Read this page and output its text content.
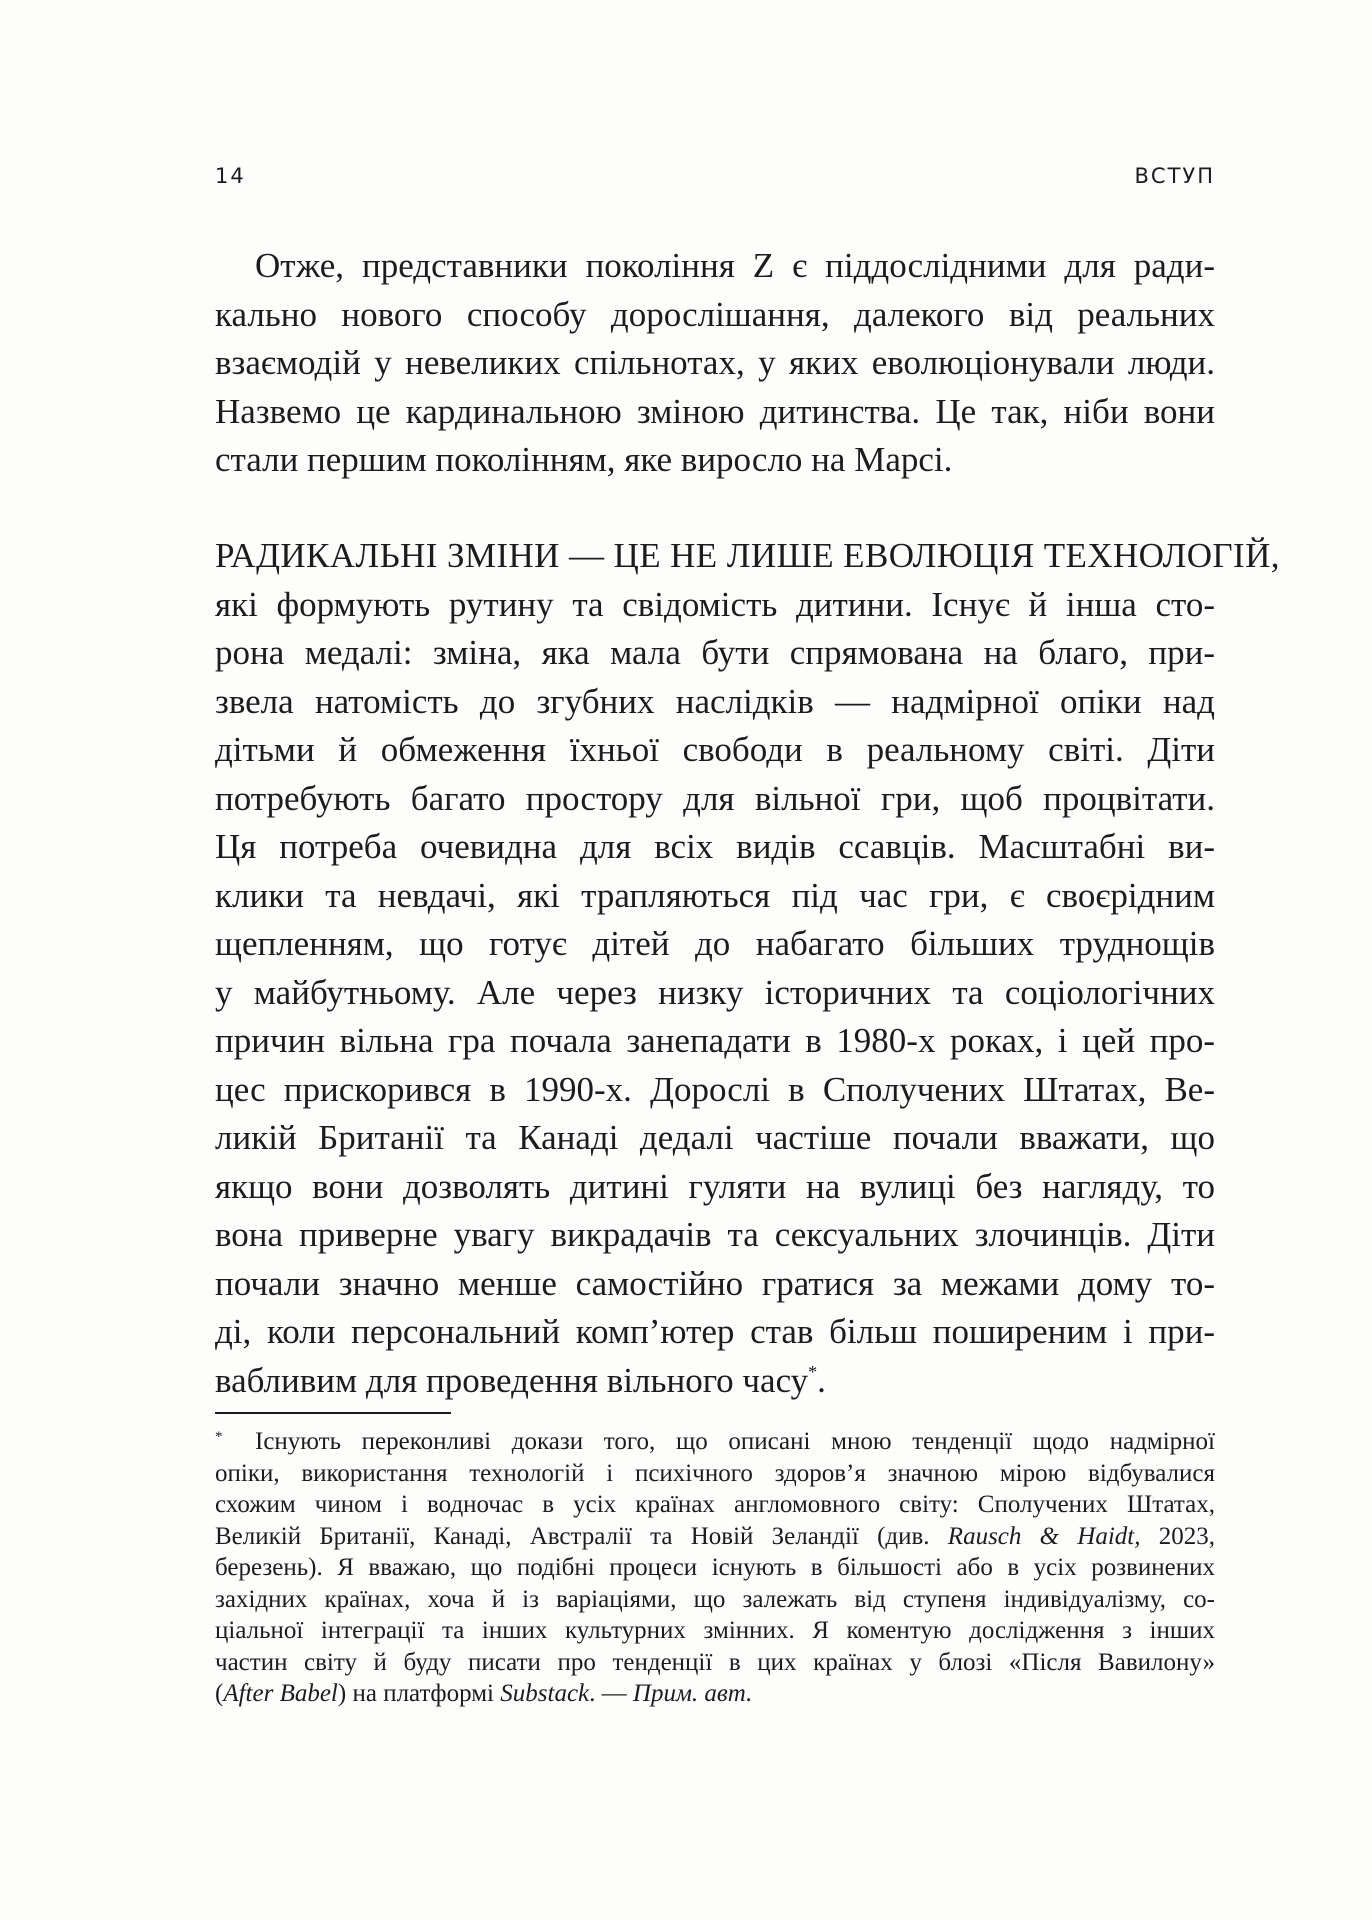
14	ВСТУП

Отже, представники покоління Z є піддослідними для ради-
кально нового способу дорослішання, далекого від реальних
взаємодій у невеликих спільнотах, у яких еволюціонували люди.
Назвемо це кардинальною зміною дитинства. Це так, ніби вони
стали першим поколінням, яке виросло на Марсі.

РАДИКАЛЬНІ ЗМІНИ — ЦЕ НЕ ЛИШЕ ЕВОЛЮЦІЯ ТЕХНОЛОГІЙ,
які формують рутину та свідомість дитини. Існує й інша сто-
рона медалі: зміна, яка мала бути спрямована на благо, при-
звела натомість до згубних наслідків — надмірної опіки над
дітьми й обмеження їхньої свободи в реальному світі. Діти
потребують багато простору для вільної гри, щоб процвітати.
Ця потреба очевидна для всіх видів ссавців. Масштабні ви-
клики та невдачі, які трапляються під час гри, є своєрідним
щепленням, що готує дітей до набагато більших труднощів
у майбутньому. Але через низку історичних та соціологічних
причин вільна гра почала занепадати в 1980-х роках, і цей про-
цес прискорився в 1990-х. Дорослі в Сполучених Штатах, Ве-
ликій Британії та Канаді дедалі частіше почали вважати, що
якщо вони дозволять дитині гуляти на вулиці без нагляду, то
вона приверне увагу викрадачів та сексуальних злочинців. Діти
почали значно менше самостійно гратися за межами дому то-
ді, коли персональний комп’ютер став більш поширеним і при-
вабливим для проведення вільного часу*.

*	Існують переконливі докази того, що описані мною тенденції щодо надмірної
опіки, використання технологій і психічного здоров’я значною мірою відбувалися
схожим чином і водночас в усіх країнах англомовного світу: Сполучених Штатах,
Великій Британії, Канаді, Австралії та Новій Зеландії (див. Rausch & Haidt, 2023,
березень). Я вважаю, що подібні процеси існують в більшості або в усіх розвинених
західних країнах, хоча й із варіаціями, що залежать від ступеня індивідуалізму, со-
ціальної інтеграції та інших культурних змінних. Я коментую дослідження з інших
частин світу й буду писати про тенденції в цих країнах у блозі «Після Вавилону»
(After Babel) на платформі Substack. — Прим. авт.
